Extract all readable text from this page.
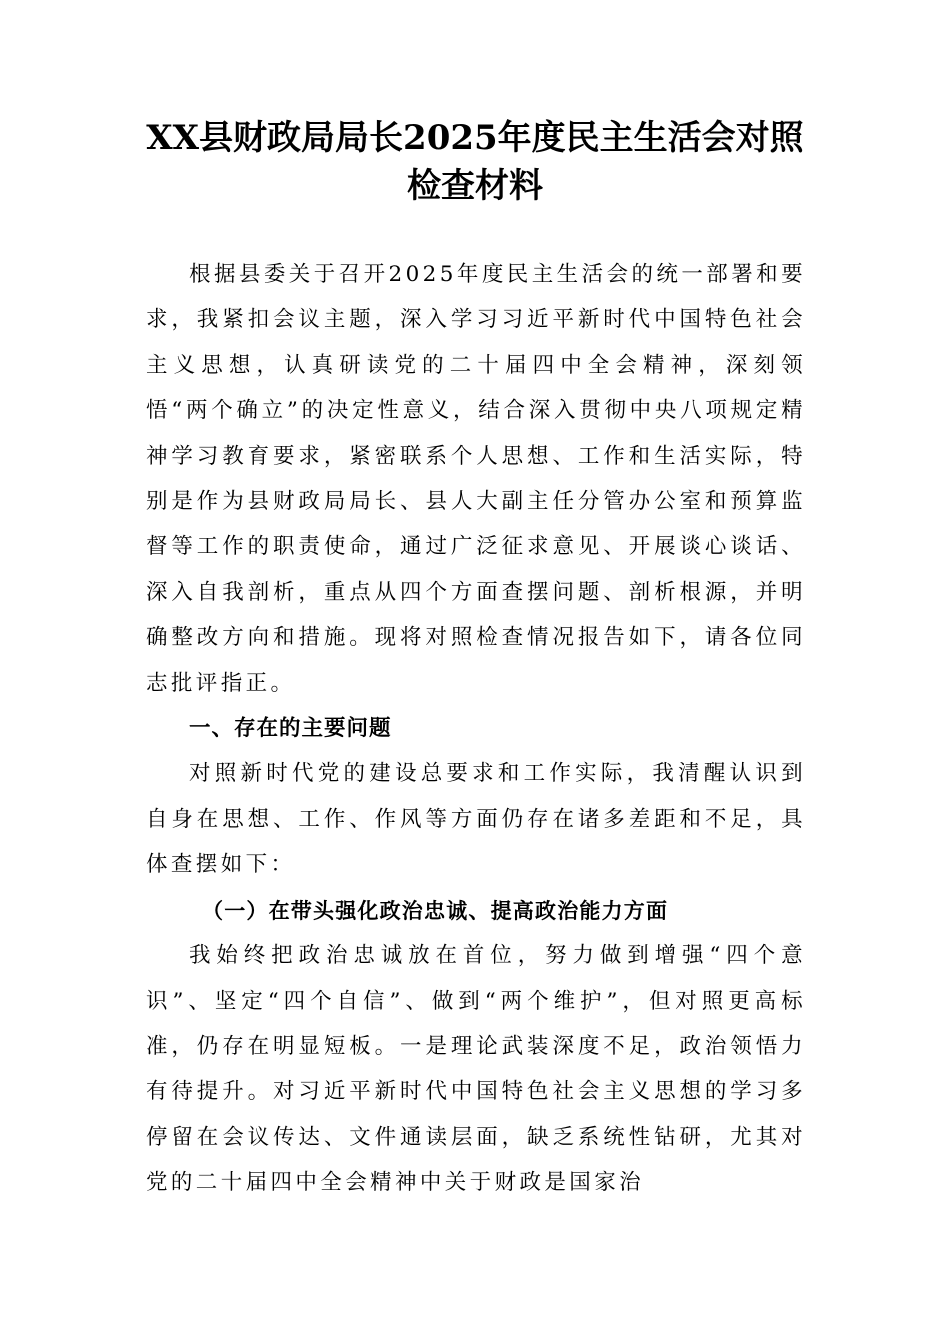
XX县财政局局长2025年度民主生活会对照检查材料

根据县委关于召开2025年度民主生活会的统一部署和要求，我紧扣会议主题，深入学习习近平新时代中国特色社会主义思想，认真研读党的二十届四中全会精神，深刻领悟“两个确立”的决定性意义，结合深入贯彻中央八项规定精神学习教育要求，紧密联系个人思想、工作和生活实际，特别是作为县财政局局长、县人大副主任分管办公室和预算监督等工作的职责使命，通过广泛征求意见、开展谈心谈话、深入自我剖析，重点从四个方面查摆问题、剖析根源，并明确整改方向和措施。现将对照检查情况报告如下，请各位同志批评指正。

一、存在的主要问题

对照新时代党的建设总要求和工作实际，我清醒认识到自身在思想、工作、作风等方面仍存在诸多差距和不足，具体查摆如下：

（一）在带头强化政治忠诚、提高政治能力方面

我始终把政治忠诚放在首位，努力做到增强“四个意识”、坚定“四个自信”、做到“两个维护”，但对照更高标准，仍存在明显短板。一是理论武装深度不足，政治领悟力有待提升。对习近平新时代中国特色社会主义思想的学习多停留在会议传达、文件通读层面，缺乏系统性钻研，尤其对党的二十届四中全会精神中关于财政是国家治
